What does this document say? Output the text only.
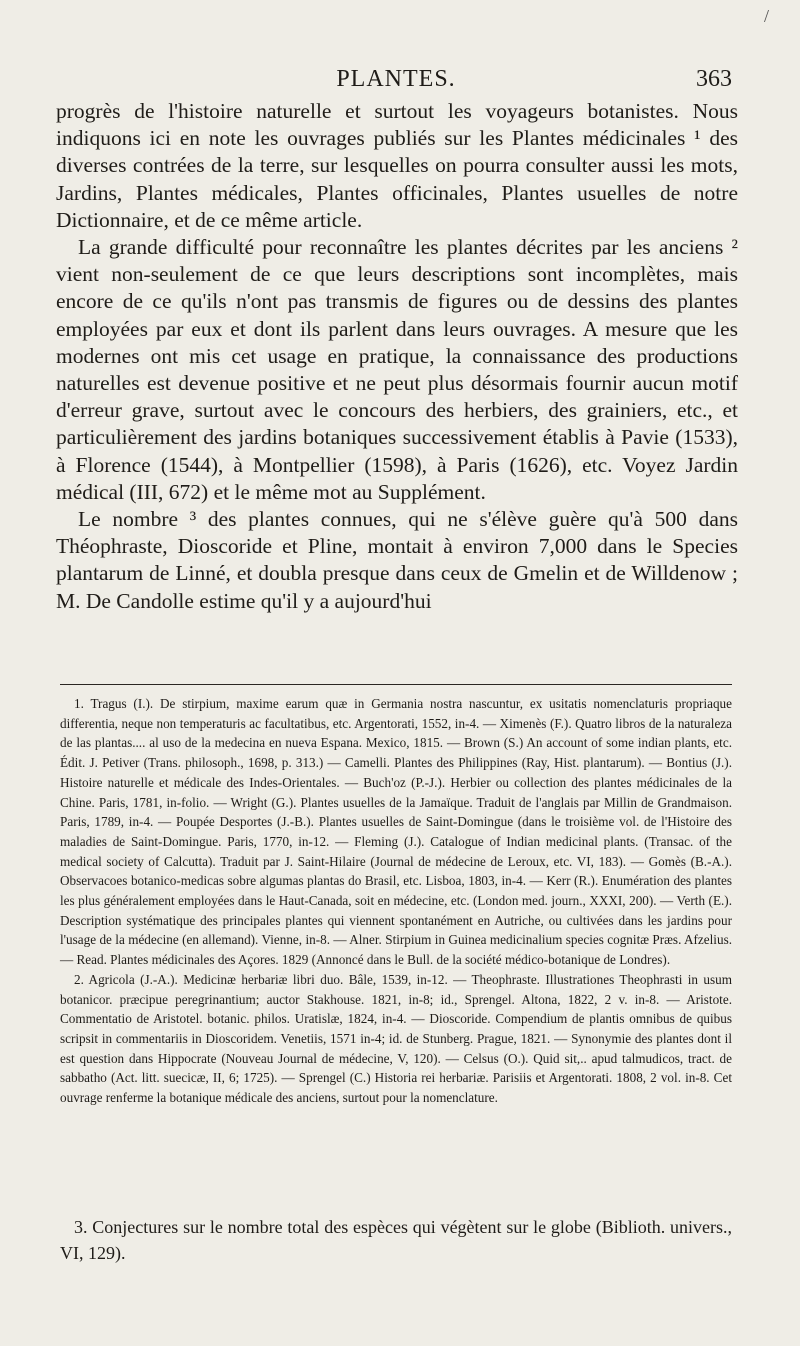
/
PLANTES.	363

progrès de l'histoire naturelle et surtout les voyageurs botanistes. Nous indiquons ici en note les ouvrages publiés sur les Plantes médicinales ¹ des diverses contrées de la terre, sur lesquelles on pourra consulter aussi les mots, Jardins, Plantes médicales, Plantes officinales, Plantes usuelles de notre Dictionnaire, et de ce même article.

La grande difficulté pour reconnaître les plantes décrites par les anciens ² vient non-seulement de ce que leurs descriptions sont incomplètes, mais encore de ce qu'ils n'ont pas transmis de figures ou de dessins des plantes employées par eux et dont ils parlent dans leurs ouvrages. A mesure que les modernes ont mis cet usage en pratique, la connaissance des productions naturelles est devenue positive et ne peut plus désormais fournir aucun motif d'erreur grave, surtout avec le concours des herbiers, des grainiers, etc., et particulièrement des jardins botaniques successivement établis à Pavie (1533), à Florence (1544), à Montpellier (1598), à Paris (1626), etc. Voyez Jardin médical (III, 672) et le même mot au Supplément.

Le nombre ³ des plantes connues, qui ne s'élève guère qu'à 500 dans Théophraste, Dioscoride et Pline, montait à environ 7,000 dans le Species plantarum de Linné, et doubla presque dans ceux de Gmelin et de Willdenow ; M. De Candolle estime qu'il y a aujourd'hui

1. Tragus (I.). De stirpium, maxime earum quæ in Germania nostra nascuntur, ex usitatis nomenclaturis propriaque differentia, neque non temperaturis ac facultatibus, etc. Argentorati, 1552, in-4. — Ximenès (F.). Quatro libros de la naturaleza de las plantas.... al uso de la medecina en nueva Espana. Mexico, 1815. — Brown (S.) An account of some indian plants, etc. Édit. J. Petiver (Trans. philosoph., 1698, p. 313.) — Camelli. Plantes des Philippines (Ray, Hist. plantarum). — Bontius (J.). Histoire naturelle et médicale des Indes-Orientales. — Buch'oz (P.-J.). Herbier ou collection des plantes médicinales de la Chine. Paris, 1781, in-folio. — Wright (G.). Plantes usuelles de la Jamaïque. Traduit de l'anglais par Millin de Grandmaison. Paris, 1789, in-4. — Poupée Desportes (J.-B.). Plantes usuelles de Saint-Domingue (dans le troisième vol. de l'Histoire des maladies de Saint-Domingue. Paris, 1770, in-12. — Fleming (J.). Catalogue of Indian medicinal plants. (Transac. of the medical society of Calcutta). Traduit par J. Saint-Hilaire (Journal de médecine de Leroux, etc. VI, 183). — Gomès (B.-A.). Observacoes botanico-medicas sobre algumas plantas do Brasil, etc. Lisboa, 1803, in-4. — Kerr (R.). Enumération des plantes les plus généralement employées dans le Haut-Canada, soit en médecine, etc. (London med. journ., XXXI, 200). — Verth (E.). Description systématique des principales plantes qui viennent spontanément en Autriche, ou cultivées dans les jardins pour l'usage de la médecine (en allemand). Vienne, in-8. — Alner. Stirpium in Guinea medicinalium species cognitæ Præs. Afzelius. — Read. Plantes médicinales des Açores. 1829 (Annoncé dans le Bull. de la société médico-botanique de Londres).

2. Agricola (J.-A.). Medicinæ herbariæ libri duo. Bâle, 1539, in-12. — Theophraste. Illustrationes Theophrasti in usum botanicor. præcipue peregrinantium; auctor Stakhouse. 1821, in-8; id., Sprengel. Altona, 1822, 2 v. in-8. — Aristote. Commentatio de Aristotel. botanic. philos. Uratislæ, 1824, in-4. — Dioscoride. Compendium de plantis omnibus de quibus scripsit in commentariis in Dioscoridem. Venetiis, 1571 in-4; id. de Stunberg. Prague, 1821. — Synonymie des plantes dont il est question dans Hippocrate (Nouveau Journal de médecine, V, 120). — Celsus (O.). Quid sit,.. apud talmudicos, tract. de sabbatho (Act. litt. suecicæ, II, 6; 1725). — Sprengel (C.) Historia rei herbariæ. Parisiis et Argentorati. 1808, 2 vol. in-8. Cet ouvrage renferme la botanique médicale des anciens, surtout pour la nomenclature.

3. Conjectures sur le nombre total des espèces qui végètent sur le globe (Biblioth. univers., VI, 129).
